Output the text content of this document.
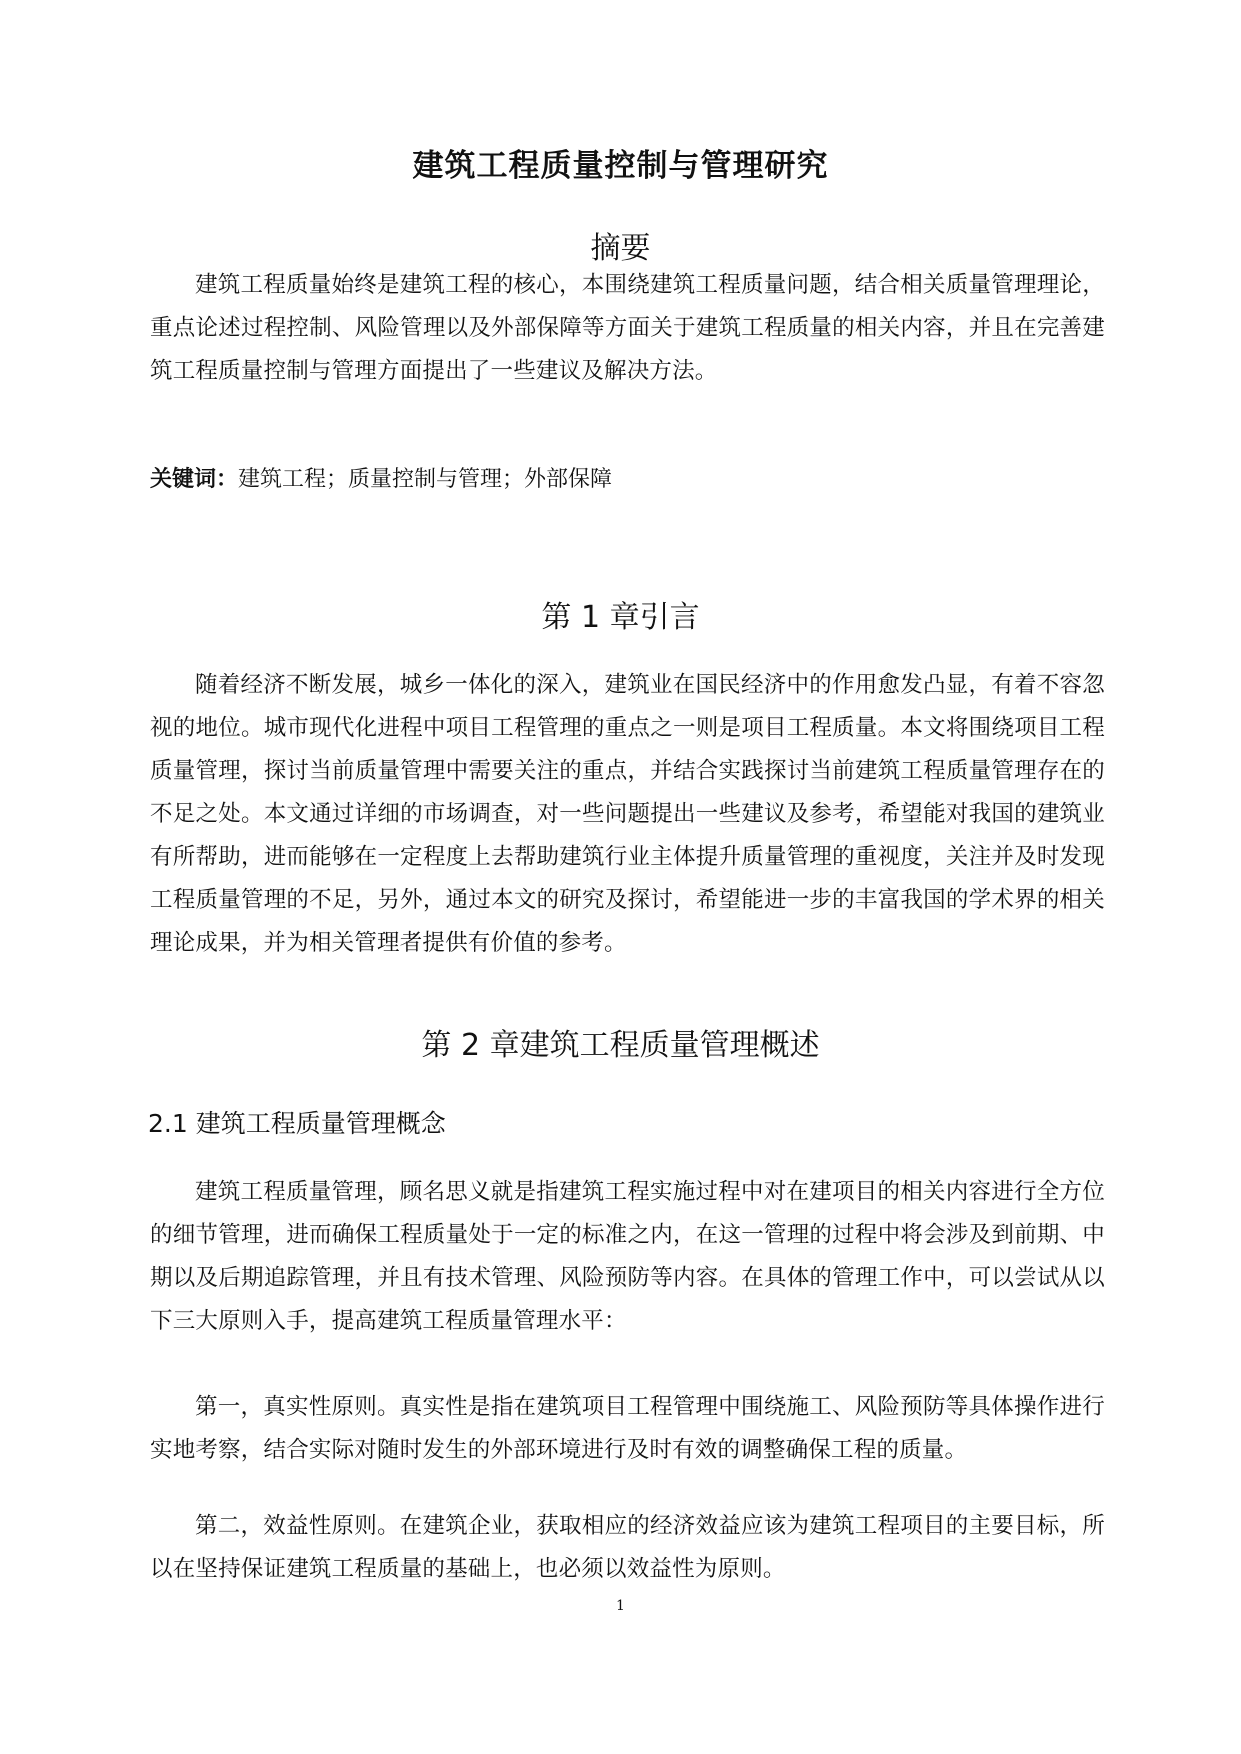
建筑工程质量控制与管理研究
摘要

建筑工程质量始终是建筑工程的核心，本围绕建筑工程质量问题，结合相关质量管理理论，重点论述过程控制、风险管理以及外部保障等方面关于建筑工程质量的相关内容，并且在完善建筑工程质量控制与管理方面提出了一些建议及解决方法。

关键词：建筑工程；质量控制与管理；外部保障
第 1 章引言

随着经济不断发展，城乡一体化的深入，建筑业在国民经济中的作用愈发凸显，有着不容忽视的地位。城市现代化进程中项目工程管理的重点之一则是项目工程质量。本文将围绕项目工程质量管理，探讨当前质量管理中需要关注的重点，并结合实践探讨当前建筑工程质量管理存在的不足之处。本文通过详细的市场调查，对一些问题提出一些建议及参考，希望能对我国的建筑业有所帮助，进而能够在一定程度上去帮助建筑行业主体提升质量管理的重视度，关注并及时发现工程质量管理的不足，另外，通过本文的研究及探讨，希望能进一步的丰富我国的学术界的相关理论成果，并为相关管理者提供有价值的参考。

第 2 章建筑工程质量管理概述
2.1 建筑工程质量管理概念

建筑工程质量管理，顾名思义就是指建筑工程实施过程中对在建项目的相关内容进行全方位的细节管理，进而确保工程质量处于一定的标准之内，在这一管理的过程中将会涉及到前期、中期以及后期追踪管理，并且有技术管理、风险预防等内容。在具体的管理工作中，可以尝试从以下三大原则入手，提高建筑工程质量管理水平：

第一，真实性原则。真实性是指在建筑项目工程管理中围绕施工、风险预防等具体操作进行实地考察，结合实际对随时发生的外部环境进行及时有效的调整确保工程的质量。

第二，效益性原则。在建筑企业，获取相应的经济效益应该为建筑工程项目的主要目标，所以在坚持保证建筑工程质量的基础上，也必须以效益性为原则。

1
